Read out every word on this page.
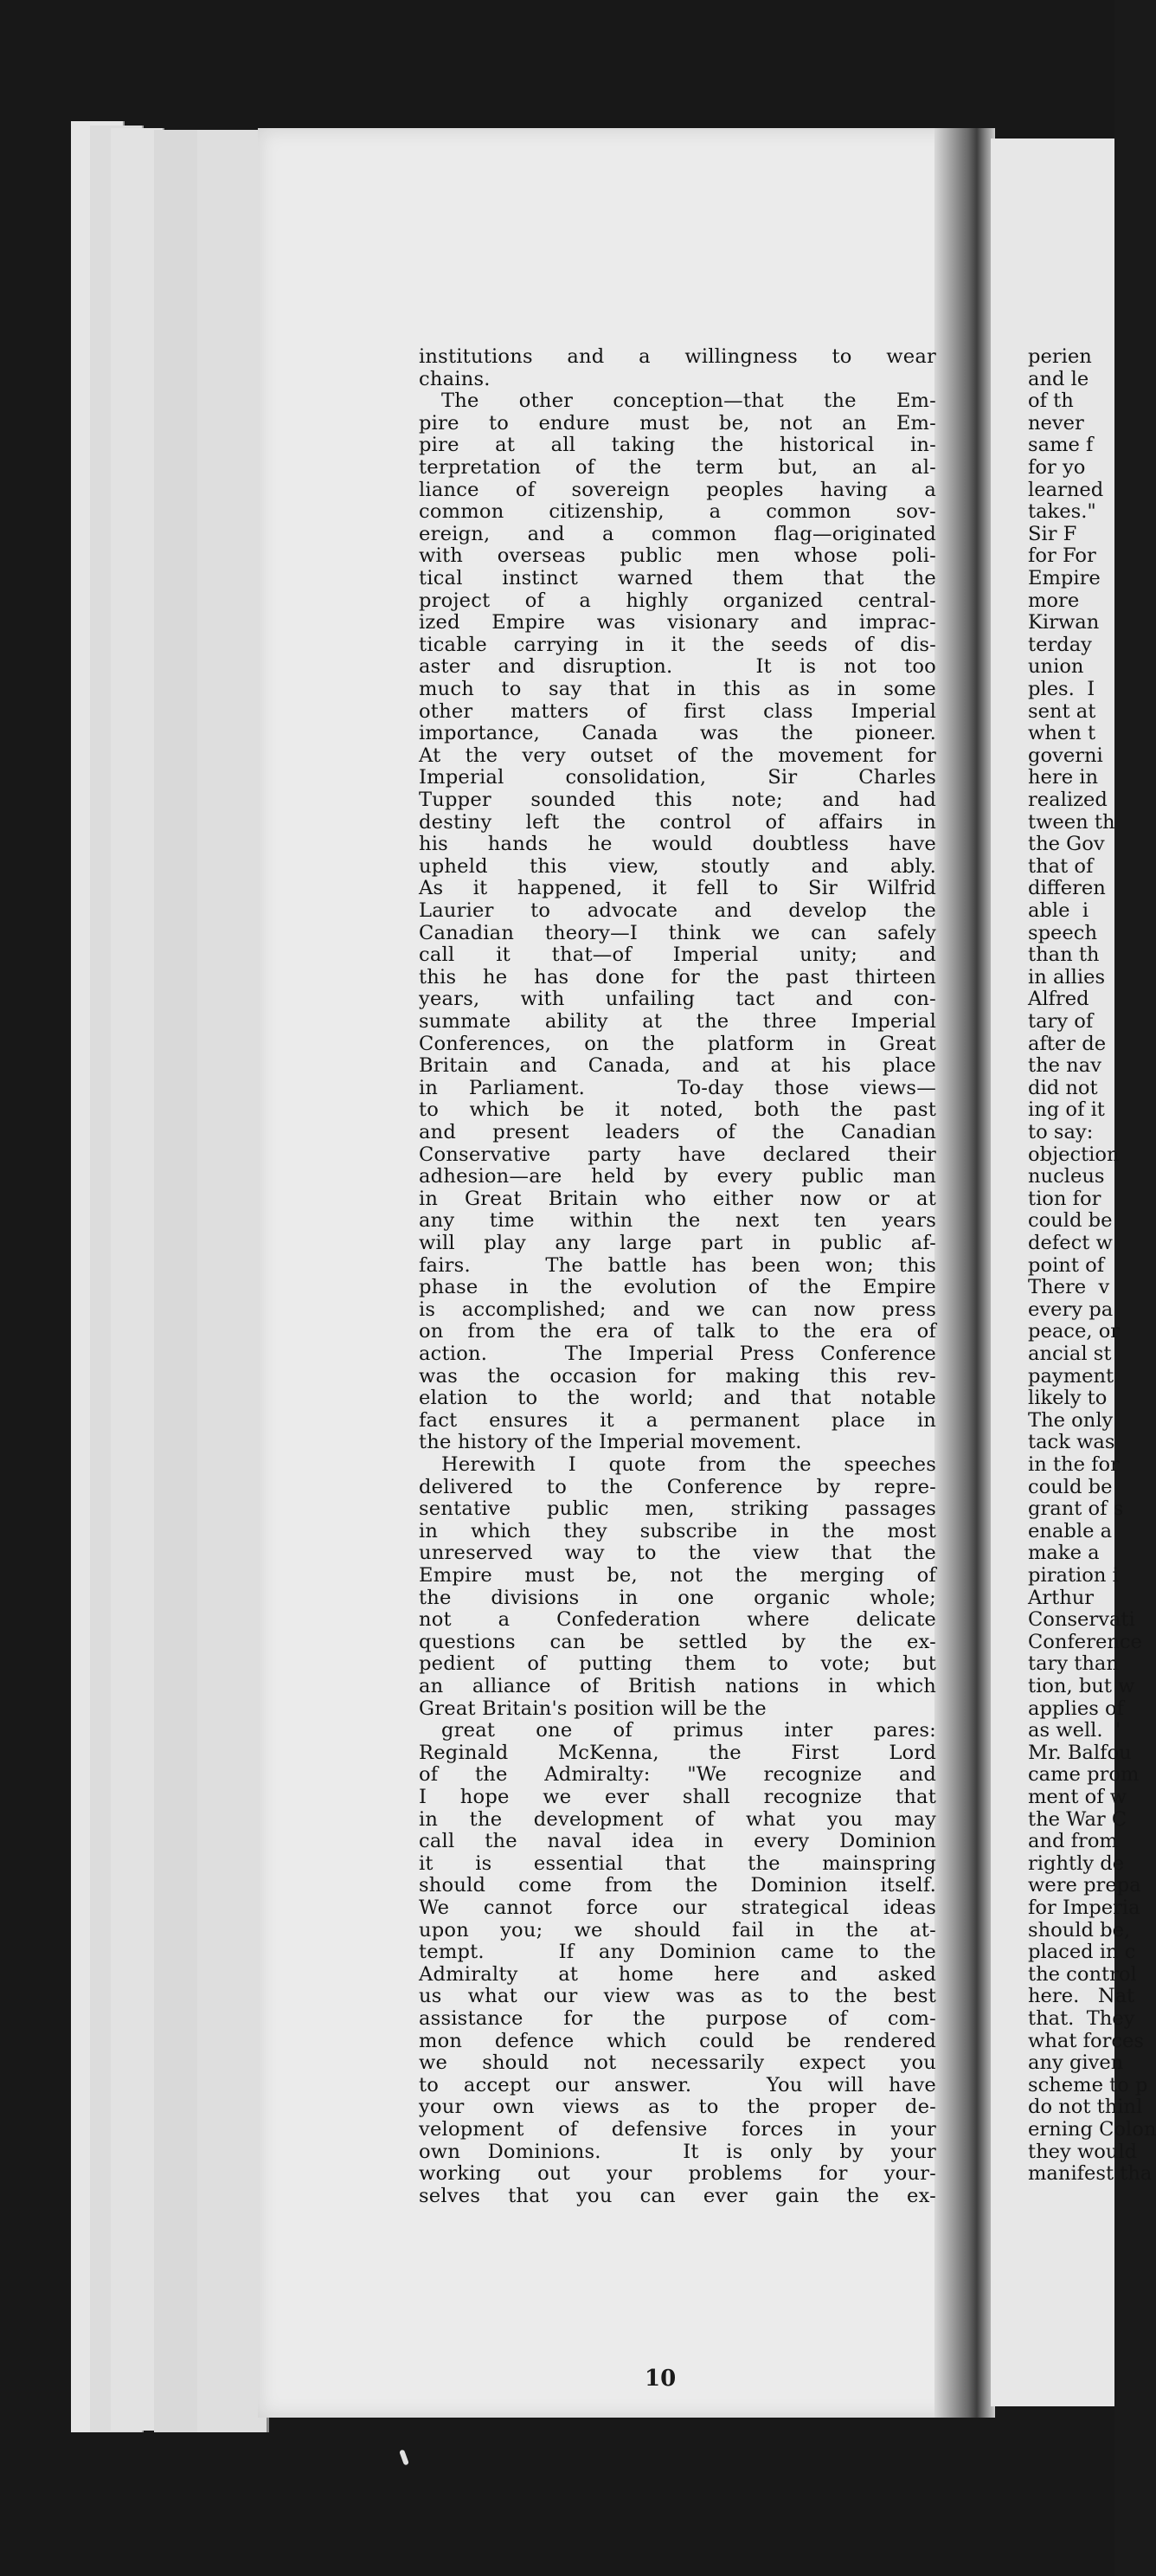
institutions and a willingness to wear
chains.
The other conception—that the Em-
pire to endure must be, not an Em-
pire at all taking the historical in-
terpretation of the term but, an al-
liance of sovereign peoples having a
common citizenship, a common sov-
ereign, and a common flag—originated
with overseas public men whose poli-
tical instinct warned them that the
project of a highly organized central-
ized Empire was visionary and imprac-
ticable carrying in it the seeds of dis-
aster and disruption.   It is not too
much to say that in this as in some
other matters of first class Imperial
importance, Canada was the pioneer.
At the very outset of the movement for
Imperial consolidation, Sir Charles
Tupper sounded this note; and had
destiny left the control of affairs in
his hands he would doubtless have
upheld this view, stoutly and ably.
As it happened, it fell to Sir Wilfrid
Laurier to advocate and develop the
Canadian theory—I think we can safely
call it that—of Imperial unity; and
this he has done for the past thirteen
years, with unfailing tact and con-
summate ability at the three Imperial
Conferences, on the platform in Great
Britain and Canada, and at his place
in Parliament.   To-day those views—
to which be it noted, both the past
and present leaders of the Canadian
Conservative party have declared their
adhesion—are held by every public man
in Great Britain who either now or at
any time within the next ten years
will play any large part in public af-
fairs.   The battle has been won; this
phase in the evolution of the Empire
is accomplished; and we can now press
on from the era of talk to the era of
action.   The Imperial Press Conference
was the occasion for making this rev-
elation to the world; and that notable
fact ensures it a permanent place in
the history of the Imperial movement.
Herewith I quote from the speeches
delivered to the Conference by repre-
sentative public men, striking passages
in which they subscribe in the most
unreserved way to the view that the
Empire must be, not the merging of
the divisions in one organic whole;
not a Confederation where delicate
questions can be settled by the ex-
pedient of putting them to vote; but
an alliance of British nations in which
Great Britain's position will be the
great one of primus inter pares:
Reginald McKenna, the First Lord
of the Admiralty: "We recognize and
I hope we ever shall recognize that
in the development of what you may
call the naval idea in every Dominion
it is essential that the mainspring
should come from the Dominion itself.
We cannot force our strategical ideas
upon you; we should fail in the at-
tempt.   If any Dominion came to the
Admiralty at home here and asked
us what our view was as to the best
assistance for the purpose of com-
mon defence which could be rendered
we should not necessarily expect you
to accept our answer.   You will have
your own views as to the proper de-
velopment of defensive forces in your
own Dominions.   It is only by your
working out your problems for your-
selves that you can ever gain the ex-
perien
and le
of th
never
same f
for yo
learned
takes."
Sir F
for For
Empire
more
Kirwan
terday
union
ples.  I
sent at
when t
governi
here in
realized
tween th
the Gov
that of
differen
able  i
speech
than th
in allies
Alfred
tary of
after de
the nav
did not
ing of it
to say:
objection
nucleus
tion for
could be
defect w
point of
There  v
every pa
peace, or
ancial st
payment
likely to
The only
tack was
in the for
could be
grant of s
enable a
make a
piration i
Arthur
Conservati
Conference
tary than
tion, but w
applies of
as well.  '
Mr. Balfou
came prom
ment of w
the War C
and from
rightly de
were prepa
for Imperia
should be,
placed in c
the control
here.   Nat
that.  They
what forces
any given
scheme to p
do not thinl
erning Colon
they would
manifest tha
10
